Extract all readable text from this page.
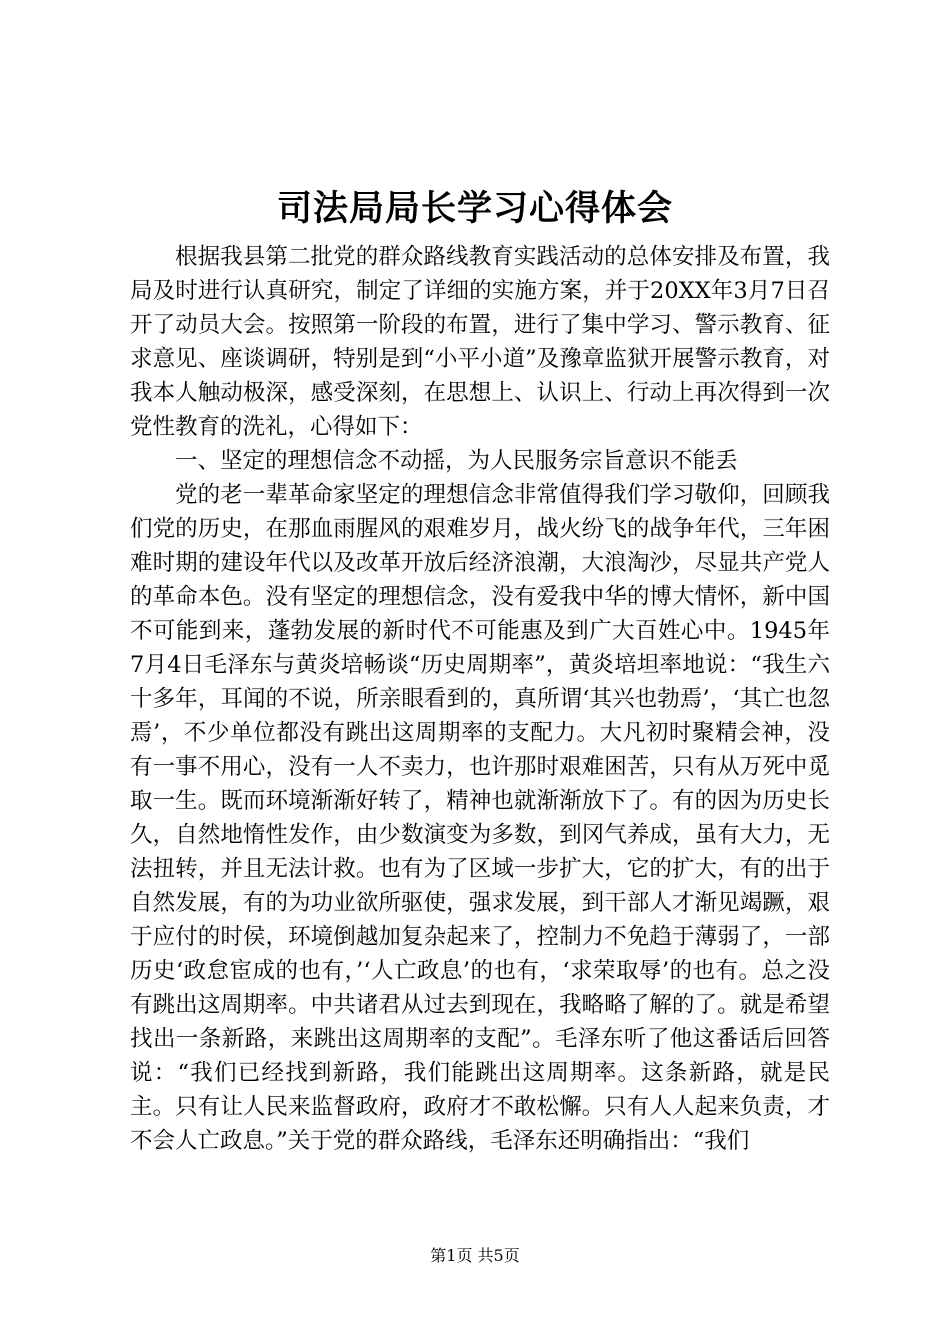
司法局局长学习心得体会

根据我县第二批党的群众路线教育实践活动的总体安排及布置，我局及时进行认真研究，制定了详细的实施方案，并于20XX年3月7日召开了动员大会。按照第一阶段的布置，进行了集中学习、警示教育、征求意见、座谈调研，特别是到“小平小道”及豫章监狱开展警示教育，对我本人触动极深，感受深刻，在思想上、认识上、行动上再次得到一次党性教育的洗礼，心得如下：

一、坚定的理想信念不动摇，为人民服务宗旨意识不能丢

党的老一辈革命家坚定的理想信念非常值得我们学习敬仰，回顾我们党的历史，在那血雨腥风的艰难岁月，战火纷飞的战争年代，三年困难时期的建设年代以及改革开放后经济浪潮，大浪淘沙，尽显共产党人的革命本色。没有坚定的理想信念，没有爱我中华的博大情怀，新中国不可能到来，蓬勃发展的新时代不可能惠及到广大百姓心中。1945年7月4日毛泽东与黄炎培畅谈“历史周期率”，黄炎培坦率地说：“我生六十多年，耳闻的不说，所亲眼看到的，真所谓‘其兴也勃焉’，‘其亡也忽焉’，不少单位都没有跳出这周期率的支配力。大凡初时聚精会神，没有一事不用心，没有一人不卖力，也许那时艰难困苦，只有从万死中觅取一生。既而环境渐渐好转了，精神也就渐渐放下了。有的因为历史长久，自然地惰性发作，由少数演变为多数，到冈气养成，虽有大力，无法扭转，并且无法计救。也有为了区域一步扩大，它的扩大，有的出于自然发展，有的为功业欲所驱使，强求发展，到干部人才渐见竭蹶，艰于应付的时侯，环境倒越加复杂起来了，控制力不免趋于薄弱了，一部历史‘政怠宦成的也有，’‘人亡政息’的也有，‘求荣取辱’的也有。总之没有跳出这周期率。中共诸君从过去到现在，我略略了解的了。就是希望找出一条新路，来跳出这周期率的支配”。毛泽东听了他这番话后回答说：“我们已经找到新路，我们能跳出这周期率。这条新路，就是民主。只有让人民来监督政府，政府才不敢松懈。只有人人起来负责，才不会人亡政息。”关于党的群众路线，毛泽东还明确指出：“我们

第1页 共5页
